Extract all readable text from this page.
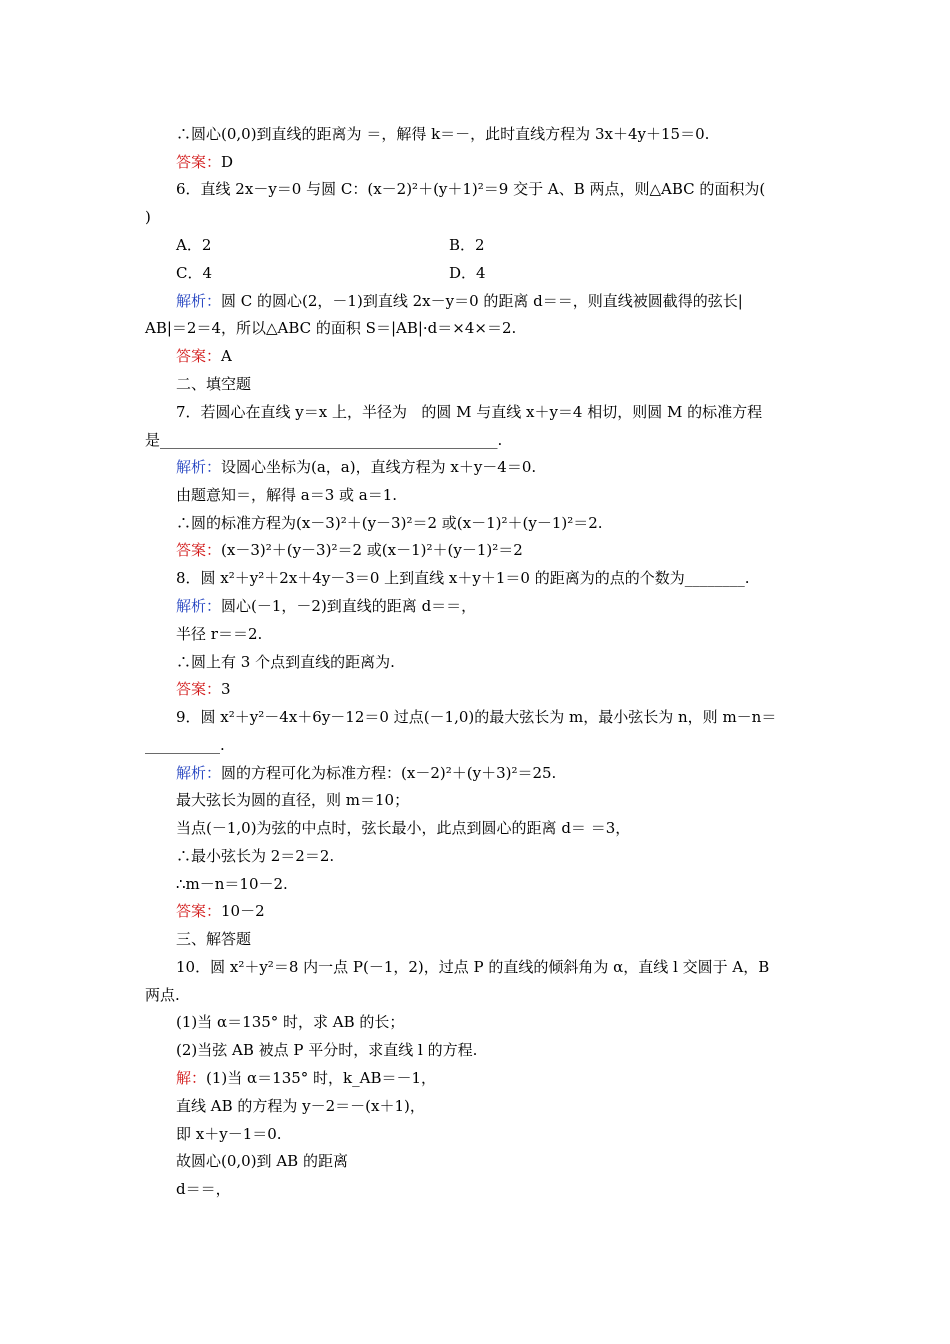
∴圆心(0,0)到直线的距离为 ＝，解得 k＝－，此时直线方程为 3x＋4y＋15＝0.
答案：D
6．直线 2x－y＝0 与圆 C：(x－2)²＋(y＋1)²＝9 交于 A、B 两点，则△ABC 的面积为(
)
A．2	B．2
C．4	D．4
解析：圆 C 的圆心(2，－1)到直线 2x－y＝0 的距离 d＝＝，则直线被圆截得的弦长|
AB|＝2＝4，所以△ABC 的面积 S＝|AB|·d＝×4×＝2.
答案：A
二、填空题
7．若圆心在直线 y＝x 上，半径为   的圆 M 与直线 x＋y＝4 相切，则圆 M 的标准方程
是_____________________________________________.
解析：设圆心坐标为(a，a)，直线方程为 x＋y－4＝0.
由题意知＝，解得 a＝3 或 a＝1.
∴圆的标准方程为(x－3)²＋(y－3)²＝2 或(x－1)²＋(y－1)²＝2.
答案：(x－3)²＋(y－3)²＝2 或(x－1)²＋(y－1)²＝2
8．圆 x²＋y²＋2x＋4y－3＝0 上到直线 x＋y＋1＝0 的距离为的点的个数为________.
解析：圆心(－1，－2)到直线的距离 d＝＝，
半径 r＝＝2.
∴圆上有 3 个点到直线的距离为.
答案：3
9．圆 x²＋y²－4x＋6y－12＝0 过点(－1,0)的最大弦长为 m，最小弦长为 n，则 m－n＝
__________.
解析：圆的方程可化为标准方程：(x－2)²＋(y＋3)²＝25.
最大弦长为圆的直径，则 m＝10；
当点(－1,0)为弦的中点时，弦长最小，此点到圆心的距离 d＝ ＝3，
∴最小弦长为 2＝2＝2.
∴m－n＝10－2.
答案：10－2
三、解答题
10．圆 x²＋y²＝8 内一点 P(－1，2)，过点 P 的直线的倾斜角为 α，直线 l 交圆于 A，B
两点.
(1)当 α＝135° 时，求 AB 的长；
(2)当弦 AB 被点 P 平分时，求直线 l 的方程.
解：(1)当 α＝135° 时，k_AB＝－1，
直线 AB 的方程为 y－2＝－(x＋1)，
即 x＋y－1＝0.
故圆心(0,0)到 AB 的距离
d＝＝，
